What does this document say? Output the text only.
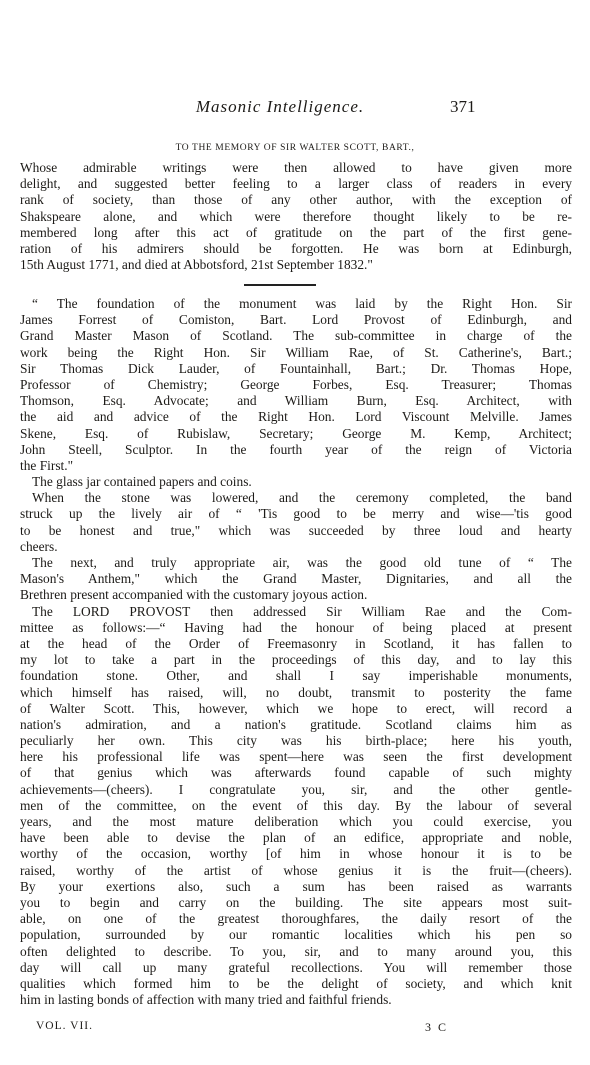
Masonic Intelligence.	371
TO THE MEMORY OF SIR WALTER SCOTT, BART.,
Whose admirable writings were then allowed to have given more
delight, and suggested better feeling to a larger class of readers in every
rank of society, than those of any other author, with the exception of
Shakspeare alone, and which were therefore thought likely to be re-
membered long after this act of gratitude on the part of the first gene-
ration of his admirers should be forgotten. He was born at Edinburgh,
15th August 1771, and died at Abbotsford, 21st September 1832."
“ The foundation of the monument was laid by the Right Hon. Sir
James Forrest of Comiston, Bart. Lord Provost of Edinburgh, and
Grand Master Mason of Scotland. The sub-committee in charge of the
work being the Right Hon. Sir William Rae, of St. Catherine's, Bart.;
Sir Thomas Dick Lauder, of Fountainhall, Bart.; Dr. Thomas Hope,
Professor of Chemistry; George Forbes, Esq. Treasurer; Thomas
Thomson, Esq. Advocate; and William Burn, Esq. Architect, with
the aid and advice of the Right Hon. Lord Viscount Melville. James
Skene, Esq. of Rubislaw, Secretary; George M. Kemp, Architect;
John Steell, Sculptor. In the fourth year of the reign of Victoria
the First."
The glass jar contained papers and coins.
When the stone was lowered, and the ceremony completed, the band
struck up the lively air of “ 'Tis good to be merry and wise—'tis good
to be honest and true," which was succeeded by three loud and hearty
cheers.
The next, and truly appropriate air, was the good old tune of “ The
Mason's Anthem," which the Grand Master, Dignitaries, and all the
Brethren present accompanied with the customary joyous action.
The LORD PROVOST then addressed Sir William Rae and the Com-
mittee as follows:—“ Having had the honour of being placed at present
at the head of the Order of Freemasonry in Scotland, it has fallen to
my lot to take a part in the proceedings of this day, and to lay this
foundation stone. Other, and shall I say imperishable monuments,
which himself has raised, will, no doubt, transmit to posterity the fame
of Walter Scott. This, however, which we hope to erect, will record a
nation's admiration, and a nation's gratitude. Scotland claims him as
peculiarly her own. This city was his birth-place; here his youth,
here his professional life was spent—here was seen the first development
of that genius which was afterwards found capable of such mighty
achievements—(cheers). I congratulate you, sir, and the other gentle-
men of the committee, on the event of this day. By the labour of several
years, and the most mature deliberation which you could exercise, you
have been able to devise the plan of an edifice, appropriate and noble,
worthy of the occasion, worthy [of him in whose honour it is to be
raised, worthy of the artist of whose genius it is the fruit—(cheers).
By your exertions also, such a sum has been raised as warrants
you to begin and carry on the building. The site appears most suit-
able, on one of the greatest thoroughfares, the daily resort of the
population, surrounded by our romantic localities which his pen so
often delighted to describe. To you, sir, and to many around you, this
day will call up many grateful recollections. You will remember those
qualities which formed him to be the delight of society, and which knit
him in lasting bonds of affection with many tried and faithful friends.
VOL. VII.	3 C
